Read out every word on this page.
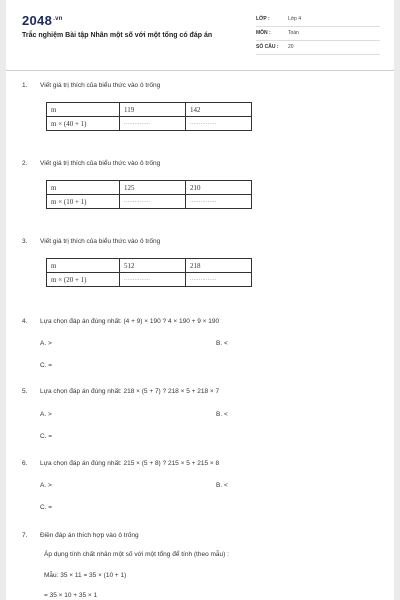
$2048^{.vn}$
Trắc nghiệm Bài tập Nhân một số với một tổng có đáp án
LỚP :	Lớp 4
MÔN :	Toán
SỐ CÂU : 20
1. Viết giá trị thích của biểu thức vào ô trống
m	119	142
m × (40 + 1)	……………	……………
2. Viết giá trị thích của biểu thức vào ô trống
m	125	210
m × (10 + 1)	……………	……………
3. Viết giá trị thích của biểu thức vào ô trống
m	512	218
m × (20 + 1)	……………	……………
4. Lựa chọn đáp án đúng nhất: (4 + 9) × 190 ? 4 × 190 + 9 × 190
A. >	B. <
C. =
5. Lựa chọn đáp án đúng nhất: 218 × (5 + 7) ? 218 × 5 + 218 × 7
A. >	B. <
C. =
6. Lựa chọn đáp án đúng nhất: 215 × (5 + 8) ? 215 × 5 + 215 × 8
A. >	B. <
C. =
7. Điền đáp án thích hợp vào ô trống
Áp dụng tính chất nhân một số với một tổng để tính (theo mẫu) :
Mẫu: 35 × 11 = 35 × (10 + 1)
= 35 × 10 + 35 × 1
